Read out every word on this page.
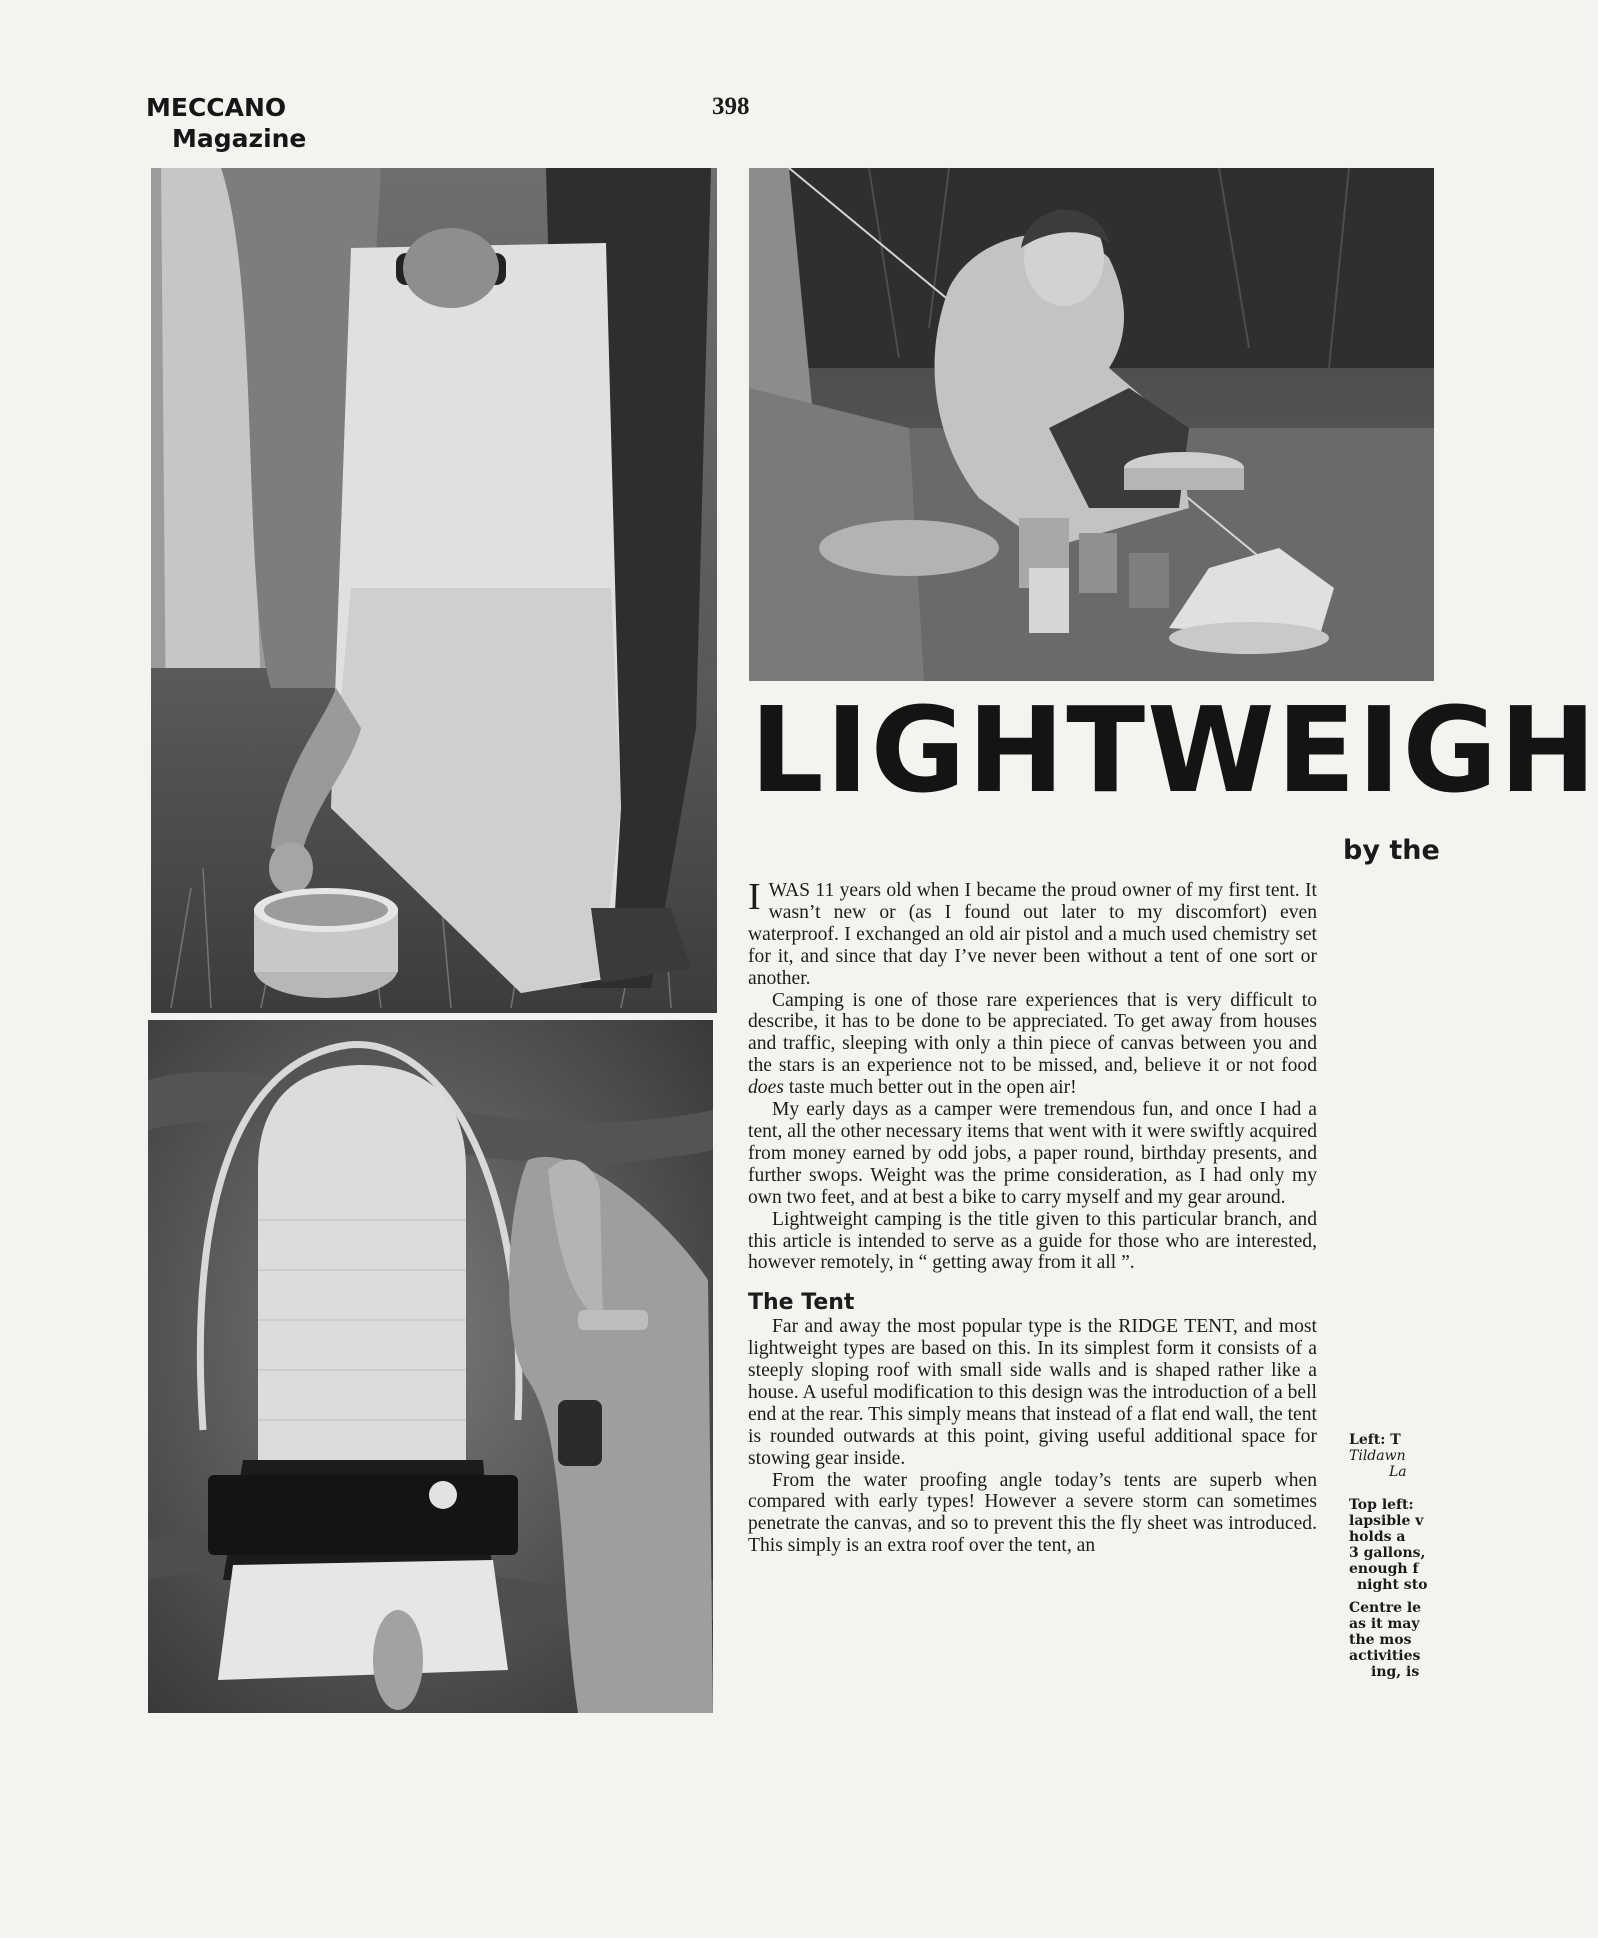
MECCANO
Magazine
398
LIGHTWEIGH
by the

IWAS 11 years old when I became the proud owner of my first tent. It wasn’t new or (as I found out later to my discomfort) even waterproof. I exchanged an old air pistol and a much used chemistry set for it, and since that day I’ve never been without a tent of one sort or another.

Camping is one of those rare experiences that is very difficult to describe, it has to be done to be appreciated. To get away from houses and traffic, sleeping with only a thin piece of canvas between you and the stars is an experience not to be missed, and, believe it or not food does taste much better out in the open air!

My early days as a camper were tremendous fun, and once I had a tent, all the other necessary items that went with it were swiftly acquired from money earned by odd jobs, a paper round, birthday presents, and further swops. Weight was the prime consideration, as I had only my own two feet, and at best a bike to carry myself and my gear around.

Lightweight camping is the title given to this particular branch, and this article is intended to serve as a guide for those who are interested, however remotely, in “ getting away from it all ”.

The Tent

Far and away the most popular type is the RIDGE TENT, and most lightweight types are based on this. In its simplest form it consists of a steeply sloping roof with small side walls and is shaped rather like a house. A useful modification to this design was the introduction of a bell end at the rear. This simply means that instead of a flat end wall, the tent is rounded outwards at this point, giving useful additional space for stowing gear inside.

From the water proofing angle today’s tents are superb when compared with early types! However a severe storm can sometimes penetrate the canvas, and so to prevent this the fly sheet was introduced. This simply is an extra roof over the tent, an

Left: T
Tildawn
La
Top left:
lapsible v
holds a
3 gallons,
enough f
night sto
Centre le
as it may
the mos
activities
ing, is
